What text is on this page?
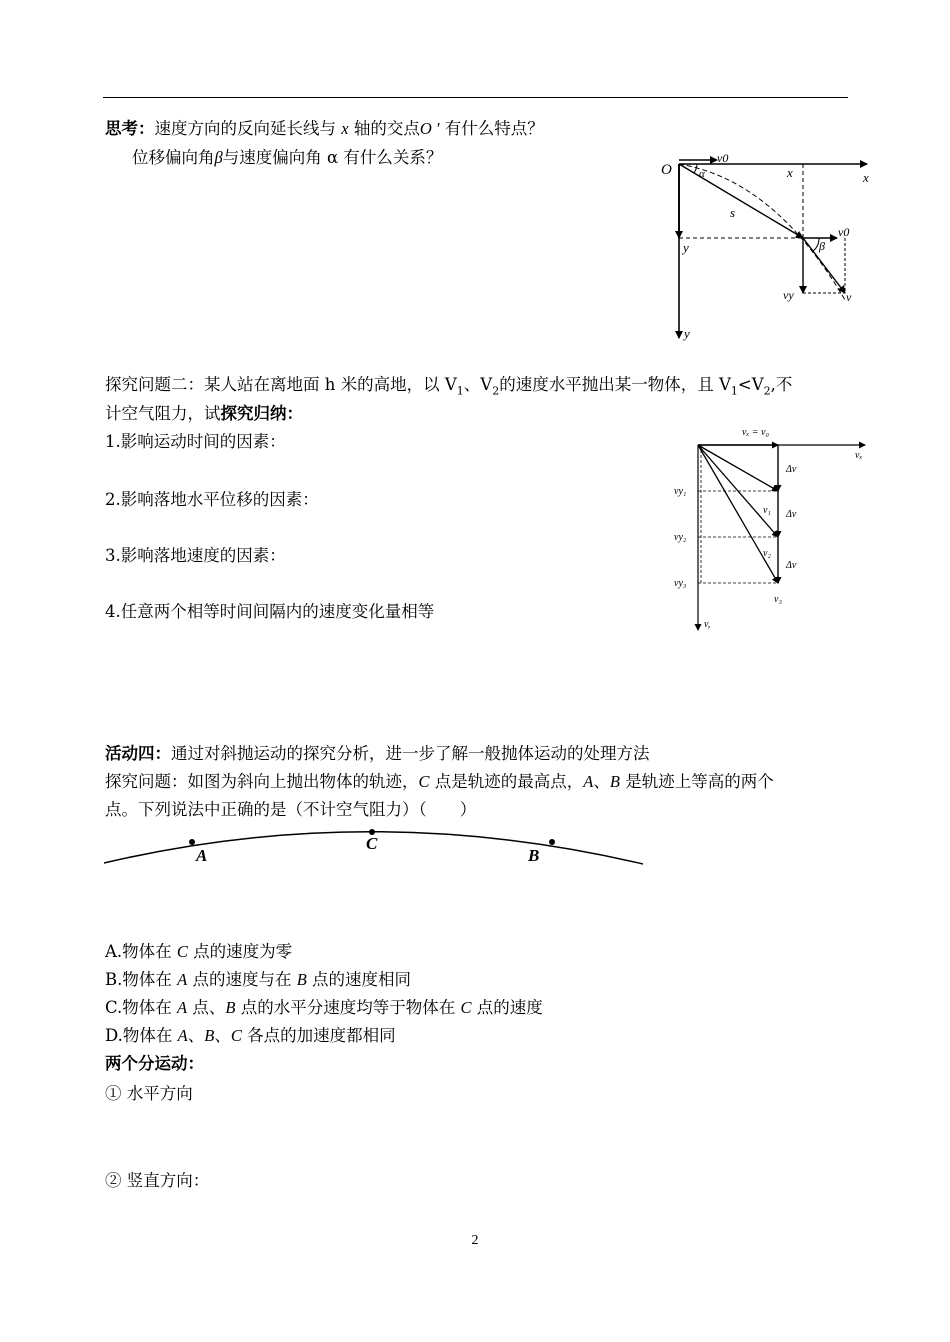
思考：速度方向的反向延长线与 x 轴的交点O ′ 有什么特点？
位移偏向角β与速度偏向角 α 有什么关系？
O
v0
x	x
α
s
v0
β
y
vy	v
y
探究问题二：某人站在离地面 h 米的高地，以 $V_1$、$V_2$的速度水平抛出某一物体，且 $V_1<V_2$,不
计空气阻力，试探究归纳：
1.影响运动时间的因素：
2.影响落地水平位移的因素：
3.影响落地速度的因素：
4.任意两个相等时间间隔内的速度变化量相等
vₓ = v₀
vₓ
Δv
Δv
Δv
vy₁
vy₂
vy₃
v₁
v₂
v₃
v,
活动四：通过对斜抛运动的探究分析，进一步了解一般抛体运动的处理方法
探究问题：如图为斜向上抛出物体的轨迹，C 点是轨迹的最高点，A、B 是轨迹上等高的两个
点。下列说法中正确的是（不计空气阻力）（　　）
A
C
B
A.物体在 C 点的速度为零
B.物体在 A 点的速度与在 B 点的速度相同
C.物体在 A 点、B 点的水平分速度均等于物体在 C 点的速度
D.物体在 A、B、C 各点的加速度都相同
两个分运动：
① 水平方向
② 竖直方向：
2
